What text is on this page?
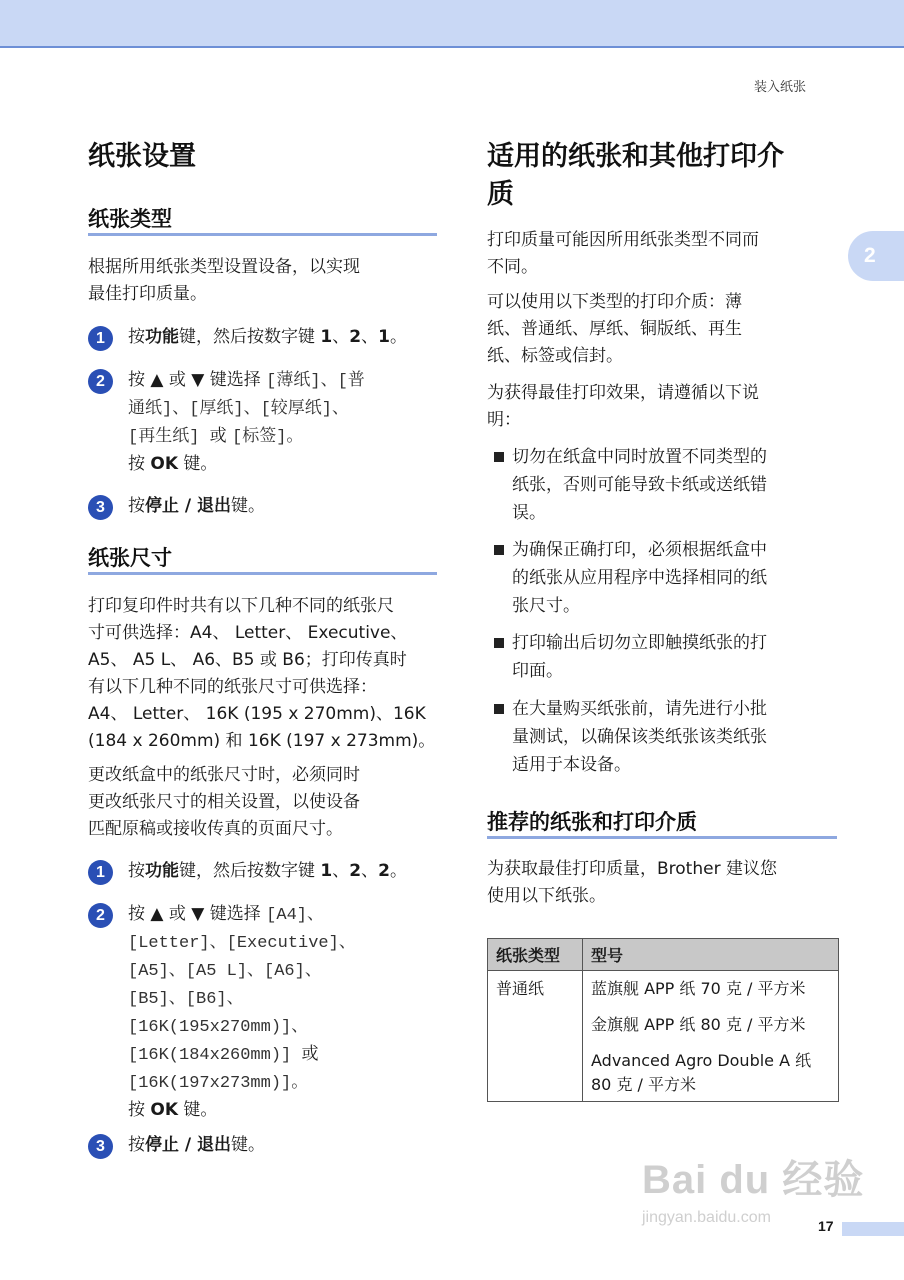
装入纸张
2
纸张设置
纸张类型
根据所用纸张类型设置设备，以实现
最佳打印质量。
1	按功能键，然后按数字键 1、2、1。
2	按 ▲ 或 ▼ 键选择 [薄纸]、[普
通纸]、[厚纸]、[较厚纸]、
[再生纸] 或 [标签]。
按 OK 键。
3	按停止 / 退出键。
纸张尺寸
打印复印件时共有以下几种不同的纸张尺
寸可供选择：A4、 Letter、 Executive、
A5、 A5 L、 A6、B5 或 B6；打印传真时
有以下几种不同的纸张尺寸可供选择：
A4、 Letter、 16K (195 x 270mm)、16K
(184 x 260mm) 和 16K (197 x 273mm)。
更改纸盒中的纸张尺寸时，必须同时
更改纸张尺寸的相关设置，以使设备
匹配原稿或接收传真的页面尺寸。
1	按功能键，然后按数字键 1、2、2。
2	按 ▲ 或 ▼ 键选择 [A4]、
[Letter]、[Executive]、
[A5]、[A5 L]、[A6]、
[B5]、[B6]、
[16K(195x270mm)]、
[16K(184x260mm)] 或
[16K(197x273mm)]。
按 OK 键。
3	按停止 / 退出键。
适用的纸张和其他打印介
质
打印质量可能因所用纸张类型不同而
不同。
可以使用以下类型的打印介质：薄
纸、普通纸、厚纸、铜版纸、再生
纸、标签或信封。
为获得最佳打印效果，请遵循以下说
明：
切勿在纸盒中同时放置不同类型的
纸张，否则可能导致卡纸或送纸错
误。
为确保正确打印，必须根据纸盒中
的纸张从应用程序中选择相同的纸
张尺寸。
打印输出后切勿立即触摸纸张的打
印面。
在大量购买纸张前，请先进行小批
量测试，以确保该类纸张该类纸张
适用于本设备。
推荐的纸张和打印介质
为获取最佳打印质量，Brother 建议您
使用以下纸张。
纸张类型	型号
普通纸	蓝旗舰 APP 纸 70 克 / 平方米
金旗舰 APP 纸 80 克 / 平方米
Advanced Agro Double A 纸
80 克 / 平方米
Bai du 经验
jingyan.baidu.com	17
